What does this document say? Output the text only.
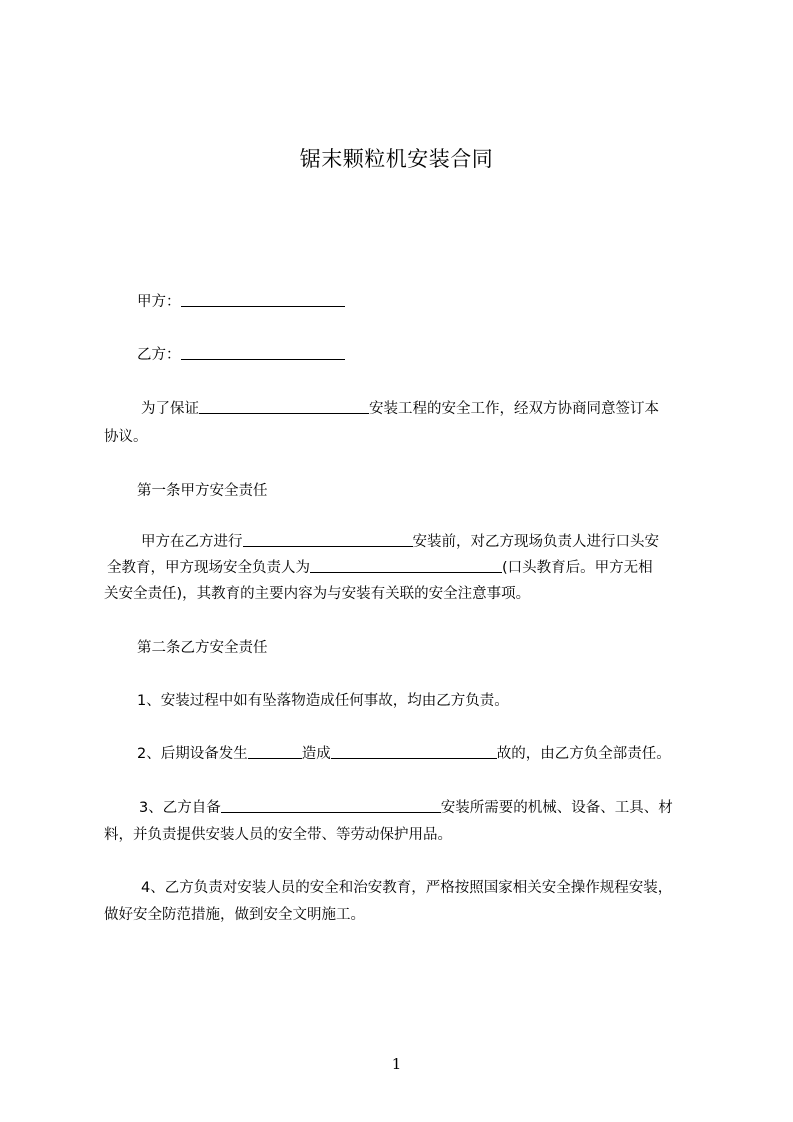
锯末颗粒机安装合同
甲方：
乙方：
为了保证	安装工程的安全工作，经双方协商同意签订本
协议。
第一条甲方安全责任
甲方在乙方进行	安装前，对乙方现场负责人进行口头安
全教育，甲方现场安全负责人为	(口头教育后。甲方无相
关安全责任)，其教育的主要内容为与安装有关联的安全注意事项。
第二条乙方安全责任
1、安装过程中如有坠落物造成任何事故，均由乙方负责。
2、后期设备发生	造成	故的，由乙方负全部责任。
3、乙方自备	安装所需要的机械、设备、工具、材
料，并负责提供安装人员的安全带、等劳动保护用品。
4、乙方负责对安装人员的安全和治安教育，严格按照国家相关安全操作规程安装，
做好安全防范措施，做到安全文明施工。
1
